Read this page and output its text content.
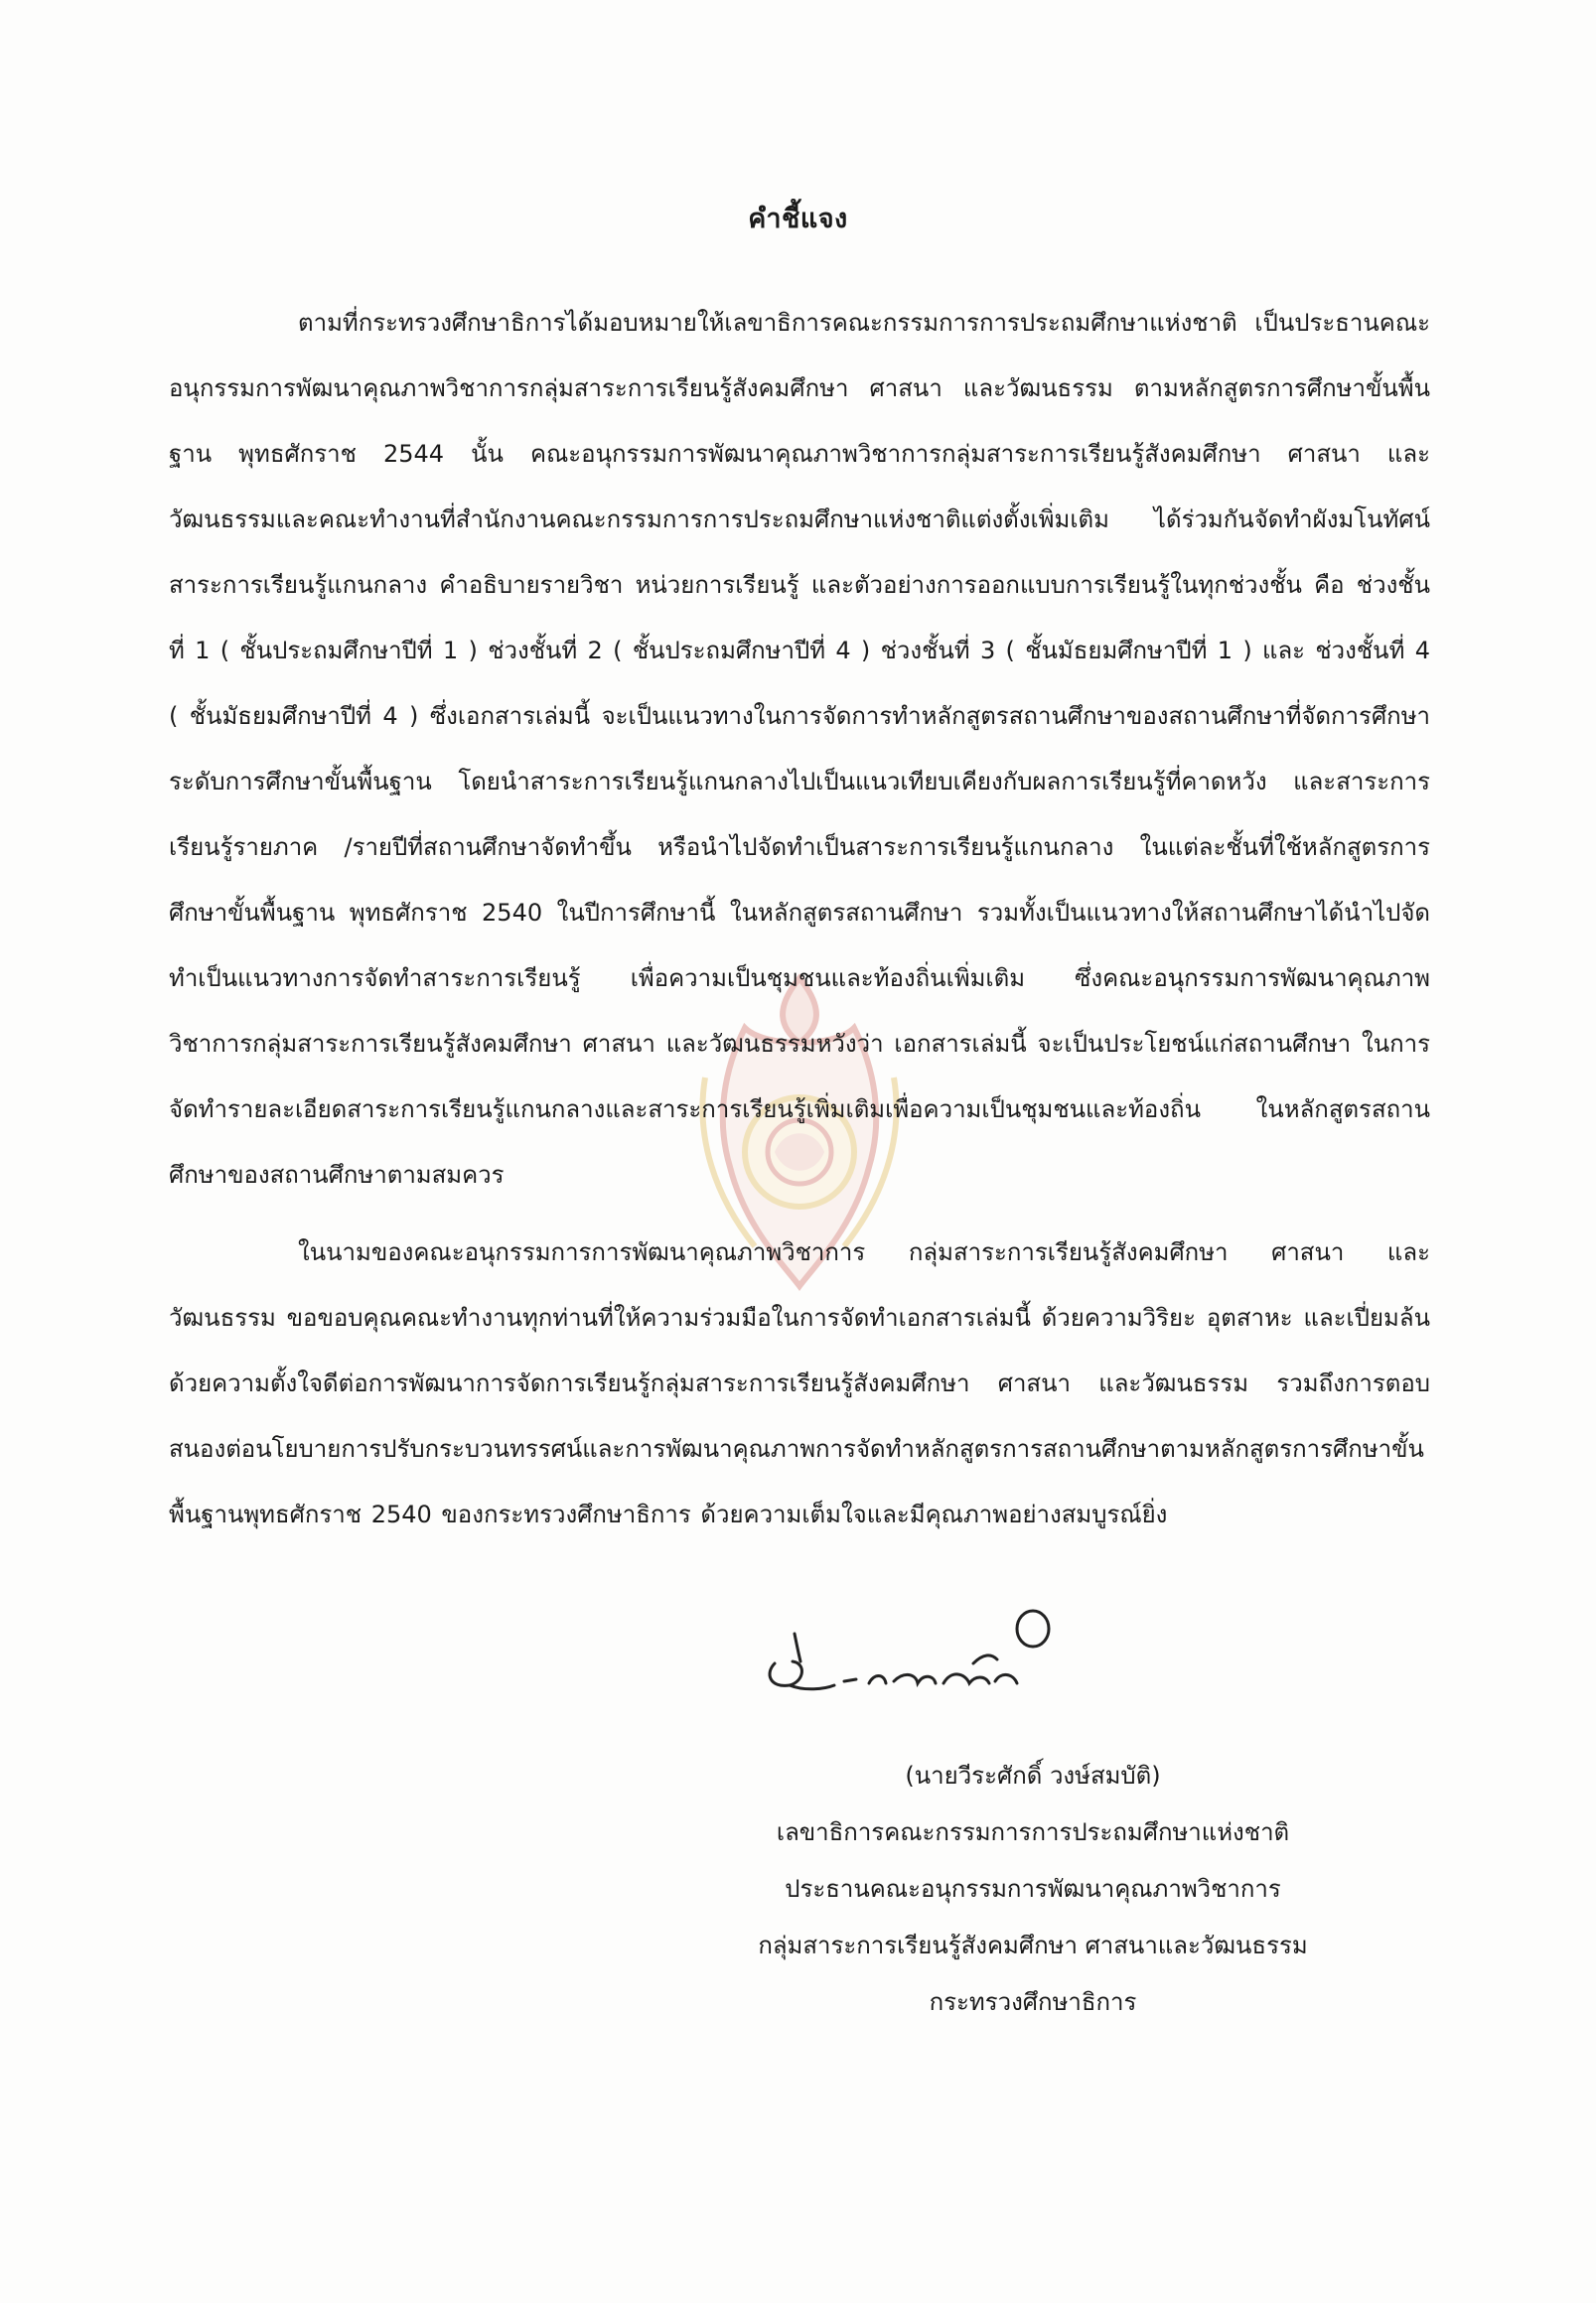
คำชี้แจง

ตามที่กระทรวงศึกษาธิการได้มอบหมายให้เลขาธิการคณะกรรมการการประถมศึกษาแห่งชาติ เป็นประธานคณะอนุกรรมการพัฒนาคุณภาพวิชาการกลุ่มสาระการเรียนรู้สังคมศึกษา ศาสนา และวัฒนธรรม ตามหลักสูตรการศึกษาขั้นพื้นฐาน พุทธศักราช 2544 นั้น คณะอนุกรรมการพัฒนาคุณภาพวิชาการกลุ่มสาระการเรียนรู้สังคมศึกษา ศาสนา และวัฒนธรรมและคณะทำงานที่สำนักงานคณะกรรมการการประถมศึกษาแห่งชาติแต่งตั้งเพิ่มเติม ได้ร่วมกันจัดทำผังมโนทัศน์ สาระการเรียนรู้แกนกลาง คำอธิบายรายวิชา หน่วยการเรียนรู้ และตัวอย่างการออกแบบการเรียนรู้ในทุกช่วงชั้น คือ ช่วงชั้นที่ 1 ( ชั้นประถมศึกษาปีที่ 1 ) ช่วงชั้นที่ 2 ( ชั้นประถมศึกษาปีที่ 4 ) ช่วงชั้นที่ 3 ( ชั้นมัธยมศึกษาปีที่ 1 ) และ ช่วงชั้นที่ 4 ( ชั้นมัธยมศึกษาปีที่ 4 ) ซึ่งเอกสารเล่มนี้ จะเป็นแนวทางในการจัดการทำหลักสูตรสถานศึกษาของสถานศึกษาที่จัดการศึกษาระดับการศึกษาขั้นพื้นฐาน โดยนำสาระการเรียนรู้แกนกลางไปเป็นแนวเทียบเคียงกับผลการเรียนรู้ที่คาดหวัง และสาระการเรียนรู้รายภาค /รายปีที่สถานศึกษาจัดทำขึ้น หรือนำไปจัดทำเป็นสาระการเรียนรู้แกนกลาง ในแต่ละชั้นที่ใช้หลักสูตรการศึกษาขั้นพื้นฐาน พุทธศักราช 2540 ในปีการศึกษานี้ ในหลักสูตรสถานศึกษา รวมทั้งเป็นแนวทางให้สถานศึกษาได้นำไปจัดทำเป็นแนวทางการจัดทำสาระการเรียนรู้ เพื่อความเป็นชุมชนและท้องถิ่นเพิ่มเติม ซึ่งคณะอนุกรรมการพัฒนาคุณภาพวิชาการกลุ่มสาระการเรียนรู้สังคมศึกษา ศาสนา และวัฒนธรรมหวังว่า เอกสารเล่มนี้ จะเป็นประโยชน์แก่สถานศึกษา ในการจัดทำรายละเอียดสาระการเรียนรู้แกนกลางและสาระการเรียนรู้เพิ่มเติมเพื่อความเป็นชุมชนและท้องถิ่น ในหลักสูตรสถานศึกษาของสถานศึกษาตามสมควร

ในนามของคณะอนุกรรมการการพัฒนาคุณภาพวิชาการ กลุ่มสาระการเรียนรู้สังคมศึกษา ศาสนา และวัฒนธรรม ขอขอบคุณคณะทำงานทุกท่านที่ให้ความร่วมมือในการจัดทำเอกสารเล่มนี้ ด้วยความวิริยะ อุตสาหะ และเปี่ยมล้นด้วยความตั้งใจดีต่อการพัฒนาการจัดการเรียนรู้กลุ่มสาระการเรียนรู้สังคมศึกษา ศาสนา และวัฒนธรรม รวมถึงการตอบสนองต่อนโยบายการปรับกระบวนทรรศน์และการพัฒนาคุณภาพการจัดทำหลักสูตรการสถานศึกษาตามหลักสูตรการศึกษาขั้นพื้นฐานพุทธศักราช 2540 ของกระทรวงศึกษาธิการ ด้วยความเต็มใจและมีคุณภาพอย่างสมบูรณ์ยิ่ง

(นายวีระศักดิ์ วงษ์สมบัติ)
เลขาธิการคณะกรรมการการประถมศึกษาแห่งชาติ
ประธานคณะอนุกรรมการพัฒนาคุณภาพวิชาการ
กลุ่มสาระการเรียนรู้สังคมศึกษา ศาสนาและวัฒนธรรม
กระทรวงศึกษาธิการ
